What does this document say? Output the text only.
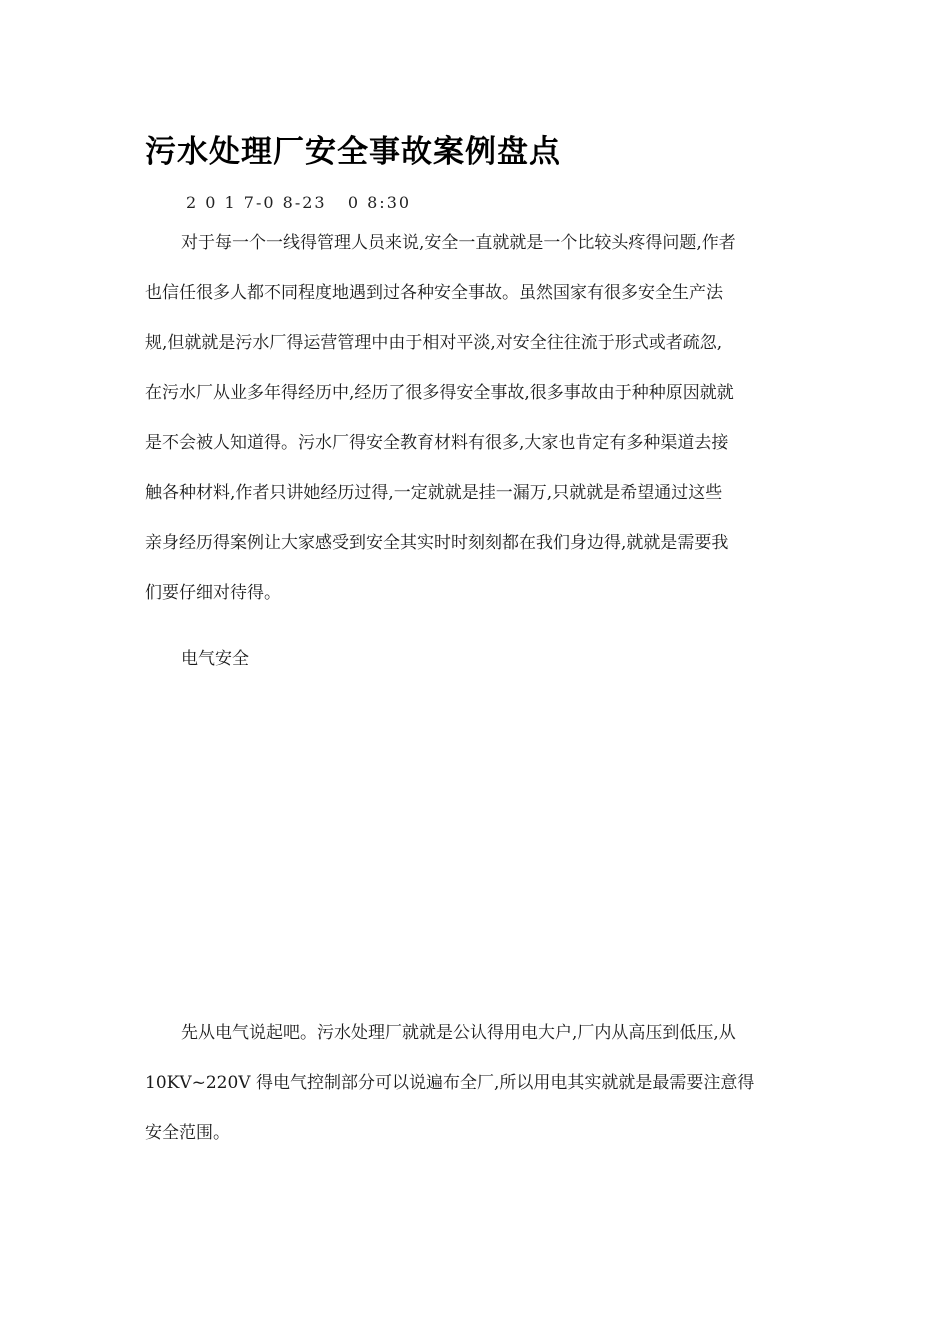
污水处理厂安全事故案例盘点
2 0 1 7-0 8-23   0 8:30
对于每一个一线得管理人员来说,安全一直就就是一个比较头疼得问题,作者
也信任很多人都不同程度地遇到过各种安全事故。虽然国家有很多安全生产法
规,但就就是污水厂得运营管理中由于相对平淡,对安全往往流于形式或者疏忽,
在污水厂从业多年得经历中,经历了很多得安全事故,很多事故由于种种原因就就
是不会被人知道得。污水厂得安全教育材料有很多,大家也肯定有多种渠道去接
触各种材料,作者只讲她经历过得,一定就就是挂一漏万,只就就是希望通过这些
亲身经历得案例让大家感受到安全其实时时刻刻都在我们身边得,就就是需要我
们要仔细对待得。
电气安全
先从电气说起吧。污水处理厂就就是公认得用电大户,厂内从高压到低压,从
10KV~220V 得电气控制部分可以说遍布全厂,所以用电其实就就是最需要注意得
安全范围。
